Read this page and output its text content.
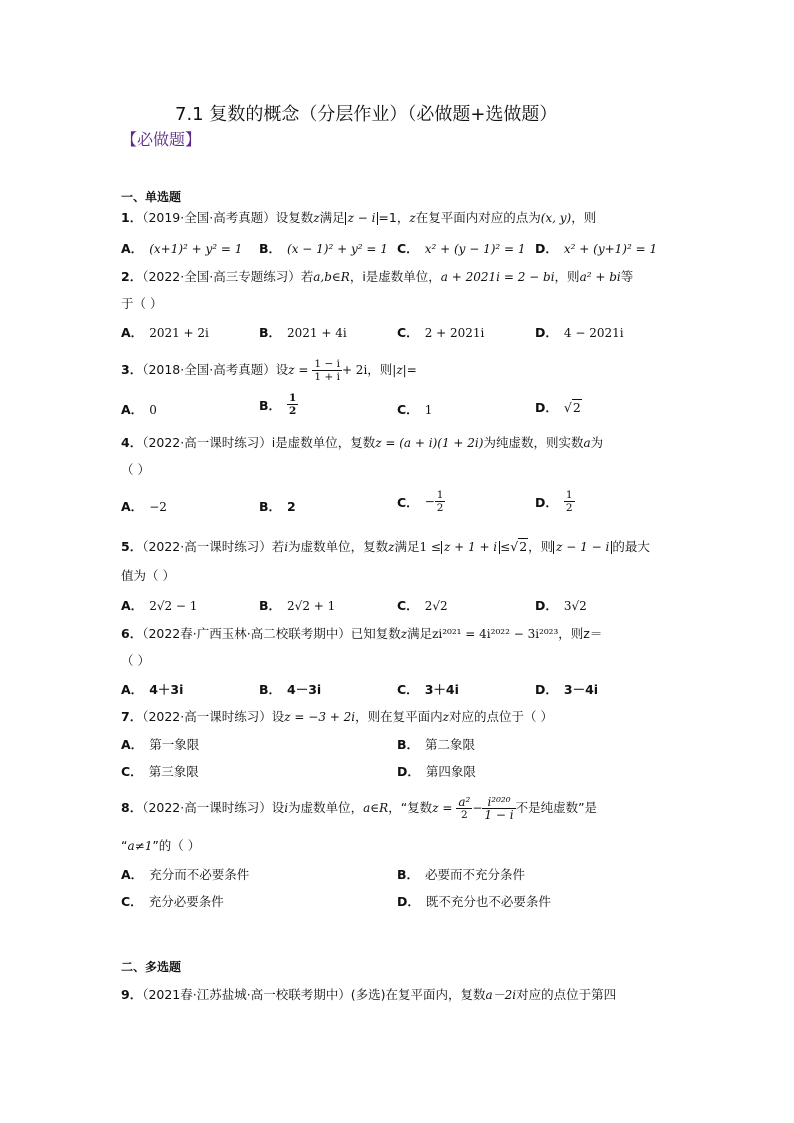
7.1 复数的概念（分层作业）（必做题+选做题）
【必做题】
一、单选题
1．（2019·全国·高考真题）设复数z满足 z − i =1，z在复平面内对应的点为(x, y)，则
A． (x+1)² + y² = 1 B． (x − 1)² + y² = 1 C． x² + (y − 1)² = 1 D． x² + (y+1)² = 1
2．（2022·全国·高三专题练习）若a,b∈R，i是虚数单位，a + 2021i = 2 − bi，则a² + bi等
于（ ）
A． 2021 + 2i	B． 2021 + 4i	C． 2 + 2021i	D． 4 − 2021i
3．（2018·全国·高考真题）设$z = \frac{1 - i}{1 + i} + 2i$，则|z|=
A． 0	B． $\frac{1}{2}$	C． 1	D． √2
4．（2022·高一课时练习）i是虚数单位，复数z = (a + i)(1 + 2i)为纯虚数，则实数a为
（ ）
A． −2	B． 2	C． − $\frac{1}{2}$	D． $\frac{1}{2}$
5．（2022·高一课时练习）若i为虚数单位，复数z满足1 ≤ z + 1 + i ≤√2，则 z − 1 − i 的最大
值为（ ）
A． 2√2 − 1	B． 2√2 + 1	C． 2√2	D． 3√2
6．（2022春·广西玉林·高二校联考期中）已知复数z满足zi²⁰²¹ = 4i²⁰²² − 3i²⁰²³，则z＝
（ ）
A． 4＋3i	B． 4－3i	C． 3＋4i	D． 3－4i
7．（2022·高一课时练习）设z = −3 + 2i，则在复平面内z对应的点位于（ ）
A． 第一象限	B． 第二象限
C． 第三象限	D． 第四象限
8．（2022·高一课时练习）设i为虚数单位，a∈R，“复数$z = \frac{\text{a²}}{2} - \frac{\text{i²⁰²⁰}}{1 - i}$ 不是纯虚数”是
“a≠1”的（ ）
A． 充分而不必要条件	B． 必要而不充分条件
C． 充分必要条件	D． 既不充分也不必要条件
二、多选题
9．（2021春·江苏盐城·高一校联考期中）(多选)在复平面内，复数a－2i对应的点位于第四
